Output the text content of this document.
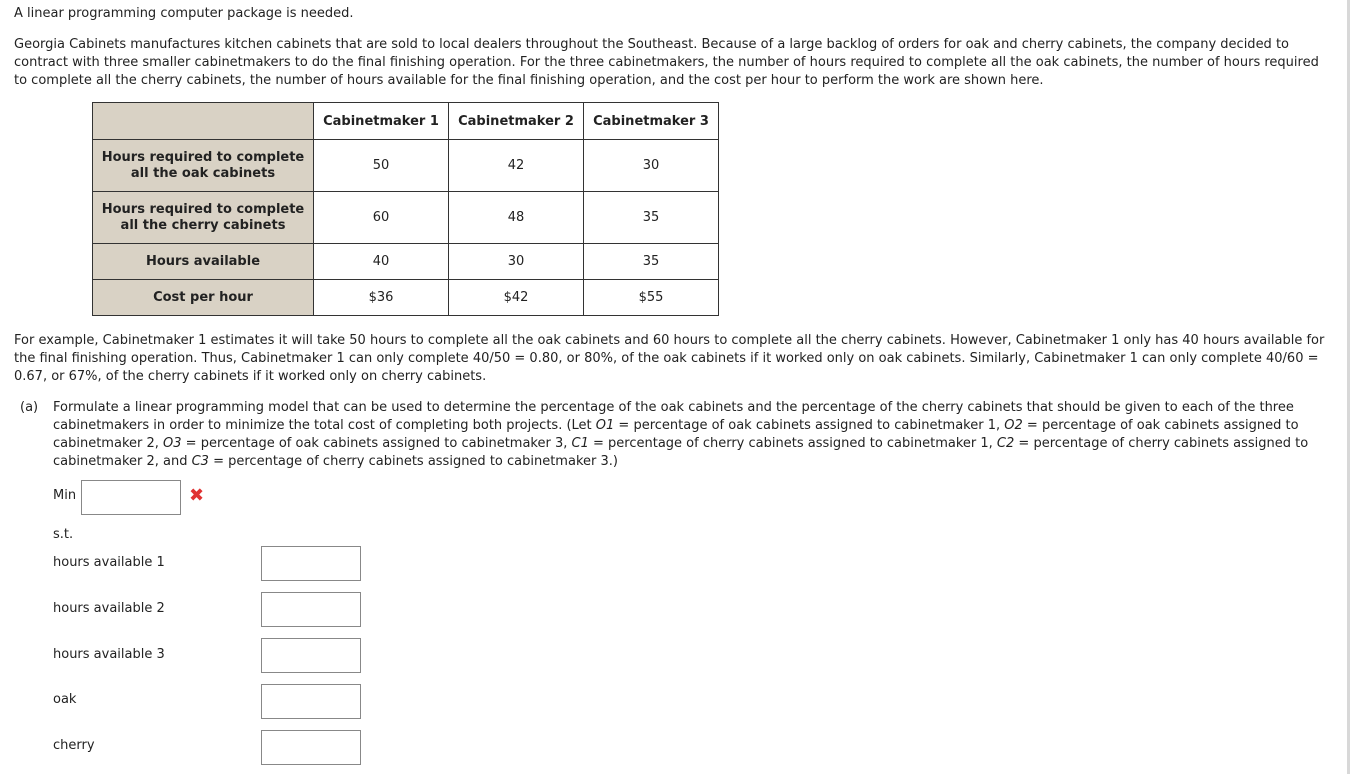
A linear programming computer package is needed.

Georgia Cabinets manufactures kitchen cabinets that are sold to local dealers throughout the Southeast. Because of a large backlog of orders for oak and cherry cabinets, the company decided to contract with three smaller cabinetmakers to do the final finishing operation. For the three cabinetmakers, the number of hours required to complete all the oak cabinets, the number of hours required to complete all the cherry cabinets, the number of hours available for the final finishing operation, and the cost per hour to perform the work are shown here.

	Cabinetmaker 1	Cabinetmaker 2	Cabinetmaker 3
Hours required to complete
all the oak cabinets	50	42	30
Hours required to complete
all the cherry cabinets	60	48	35
Hours available	40	30	35
Cost per hour	$36	$42	$55

For example, Cabinetmaker 1 estimates it will take 50 hours to complete all the oak cabinets and 60 hours to complete all the cherry cabinets. However, Cabinetmaker 1 only has 40 hours available for the final finishing operation. Thus, Cabinetmaker 1 can only complete 40/50 = 0.80, or 80%, of the oak cabinets if it worked only on oak cabinets. Similarly, Cabinetmaker 1 can only complete 40/60 = 0.67, or 67%, of the cherry cabinets if it worked only on cherry cabinets.

(a) Formulate a linear programming model that can be used to determine the percentage of the oak cabinets and the percentage of the cherry cabinets that should be given to each of the three cabinetmakers in order to minimize the total cost of completing both projects. (Let O1 = percentage of oak cabinets assigned to cabinetmaker 1, O2 = percentage of oak cabinets assigned to cabinetmaker 2, O3 = percentage of oak cabinets assigned to cabinetmaker 3, C1 = percentage of cherry cabinets assigned to cabinetmaker 1, C2 = percentage of cherry cabinets assigned to cabinetmaker 2, and C3 = percentage of cherry cabinets assigned to cabinetmaker 3.)
Min	✖
s.t.
hours available 1
hours available 2
hours available 3
oak
cherry
